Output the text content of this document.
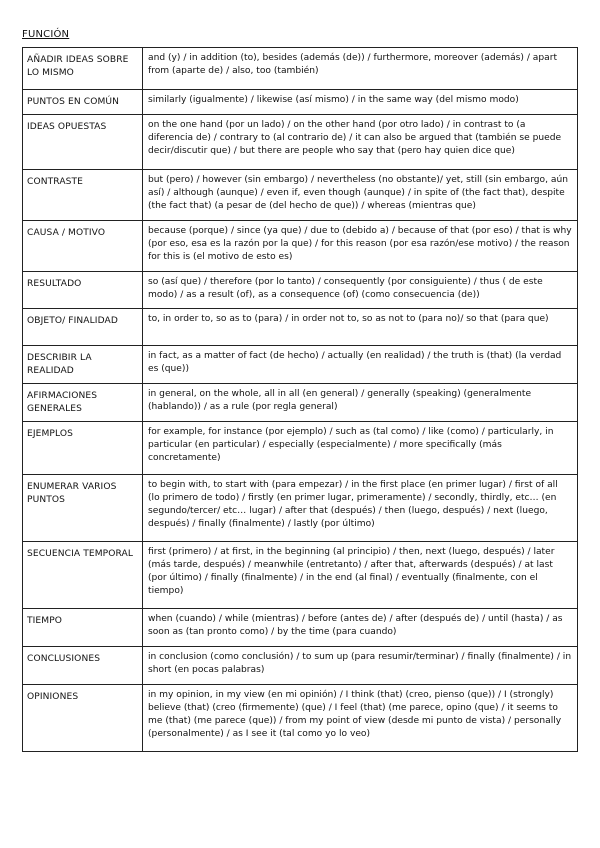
FUNCIÓN
AÑADIR IDEAS SOBRE LO MISMO	and (y) / in addition (to), besides (además (de)) / furthermore, moreover (además) / apart from (aparte de) / also, too (también)
PUNTOS EN COMÚN	similarly (igualmente) / likewise (así mismo) / in the same way (del mismo modo)
IDEAS OPUESTAS	on the one hand (por un lado) / on the other hand (por otro lado) / in contrast to (a diferencia de) / contrary to (al contrario de) / it can also be argued that (también se puede decir/discutir que) / but there are people who say that (pero hay quien dice que)
CONTRASTE	but (pero) / however (sin embargo) / nevertheless (no obstante)/ yet, still (sin embargo, aún así) / although (aunque) / even if, even though (aunque) / in spite of (the fact that), despite (the fact that) (a pesar de (del hecho de que)) / whereas (mientras que)
CAUSA / MOTIVO	because (porque) / since (ya que) / due to (debido a) / because of that (por eso) / that is why (por eso, esa es la razón por la que) / for this reason (por esa razón/ese motivo) / the reason for this is (el motivo de esto es)
RESULTADO	so (así que) / therefore (por lo tanto) / consequently (por consiguiente) / thus ( de este modo) / as a result (of), as a consequence (of) (como consecuencia (de))
OBJETO/ FINALIDAD	to, in order to, so as to (para) / in order not to, so as not to (para no)/ so that (para que)
DESCRIBIR LA REALIDAD	in fact, as a matter of fact (de hecho) / actually (en realidad) / the truth is (that) (la verdad es (que))
AFIRMACIONES GENERALES	in general, on the whole, all in all (en general) / generally (speaking) (generalmente (hablando)) / as a rule (por regla general)
EJEMPLOS	for example, for instance (por ejemplo) / such as (tal como) / like (como) / particularly, in particular (en particular) / especially (especialmente) / more specifically (más concretamente)
ENUMERAR VARIOS PUNTOS	to begin with, to start with (para empezar) / in the first place (en primer lugar) / first of all (lo primero de todo) / firstly (en primer lugar, primeramente) / secondly, thirdly, etc… (en segundo/tercer/ etc… lugar) / after that (después) / then (luego, después) / next (luego, después) / finally (finalmente) / lastly (por último)
SECUENCIA TEMPORAL	first (primero) / at first, in the beginning (al principio) / then, next (luego, después) / later (más tarde, después) / meanwhile (entretanto) / after that, afterwards (después) / at last (por último) / finally (finalmente) / in the end (al final) / eventually (finalmente, con el tiempo)
TIEMPO	when (cuando) / while (mientras) / before (antes de) / after (después de) / until (hasta) / as soon as (tan pronto como) / by the time (para cuando)
CONCLUSIONES	in conclusion (como conclusión) / to sum up (para resumir/terminar) / finally (finalmente) / in short (en pocas palabras)
OPINIONES	in my opinion, in my view (en mi opinión) / I think (that) (creo, pienso (que)) / I (strongly) believe (that) (creo (firmemente) (que) / I feel (that) (me parece, opino (que) / it seems to me (that) (me parece (que)) / from my point of view (desde mi punto de vista) / personally (personalmente) / as I see it (tal como yo lo veo)
